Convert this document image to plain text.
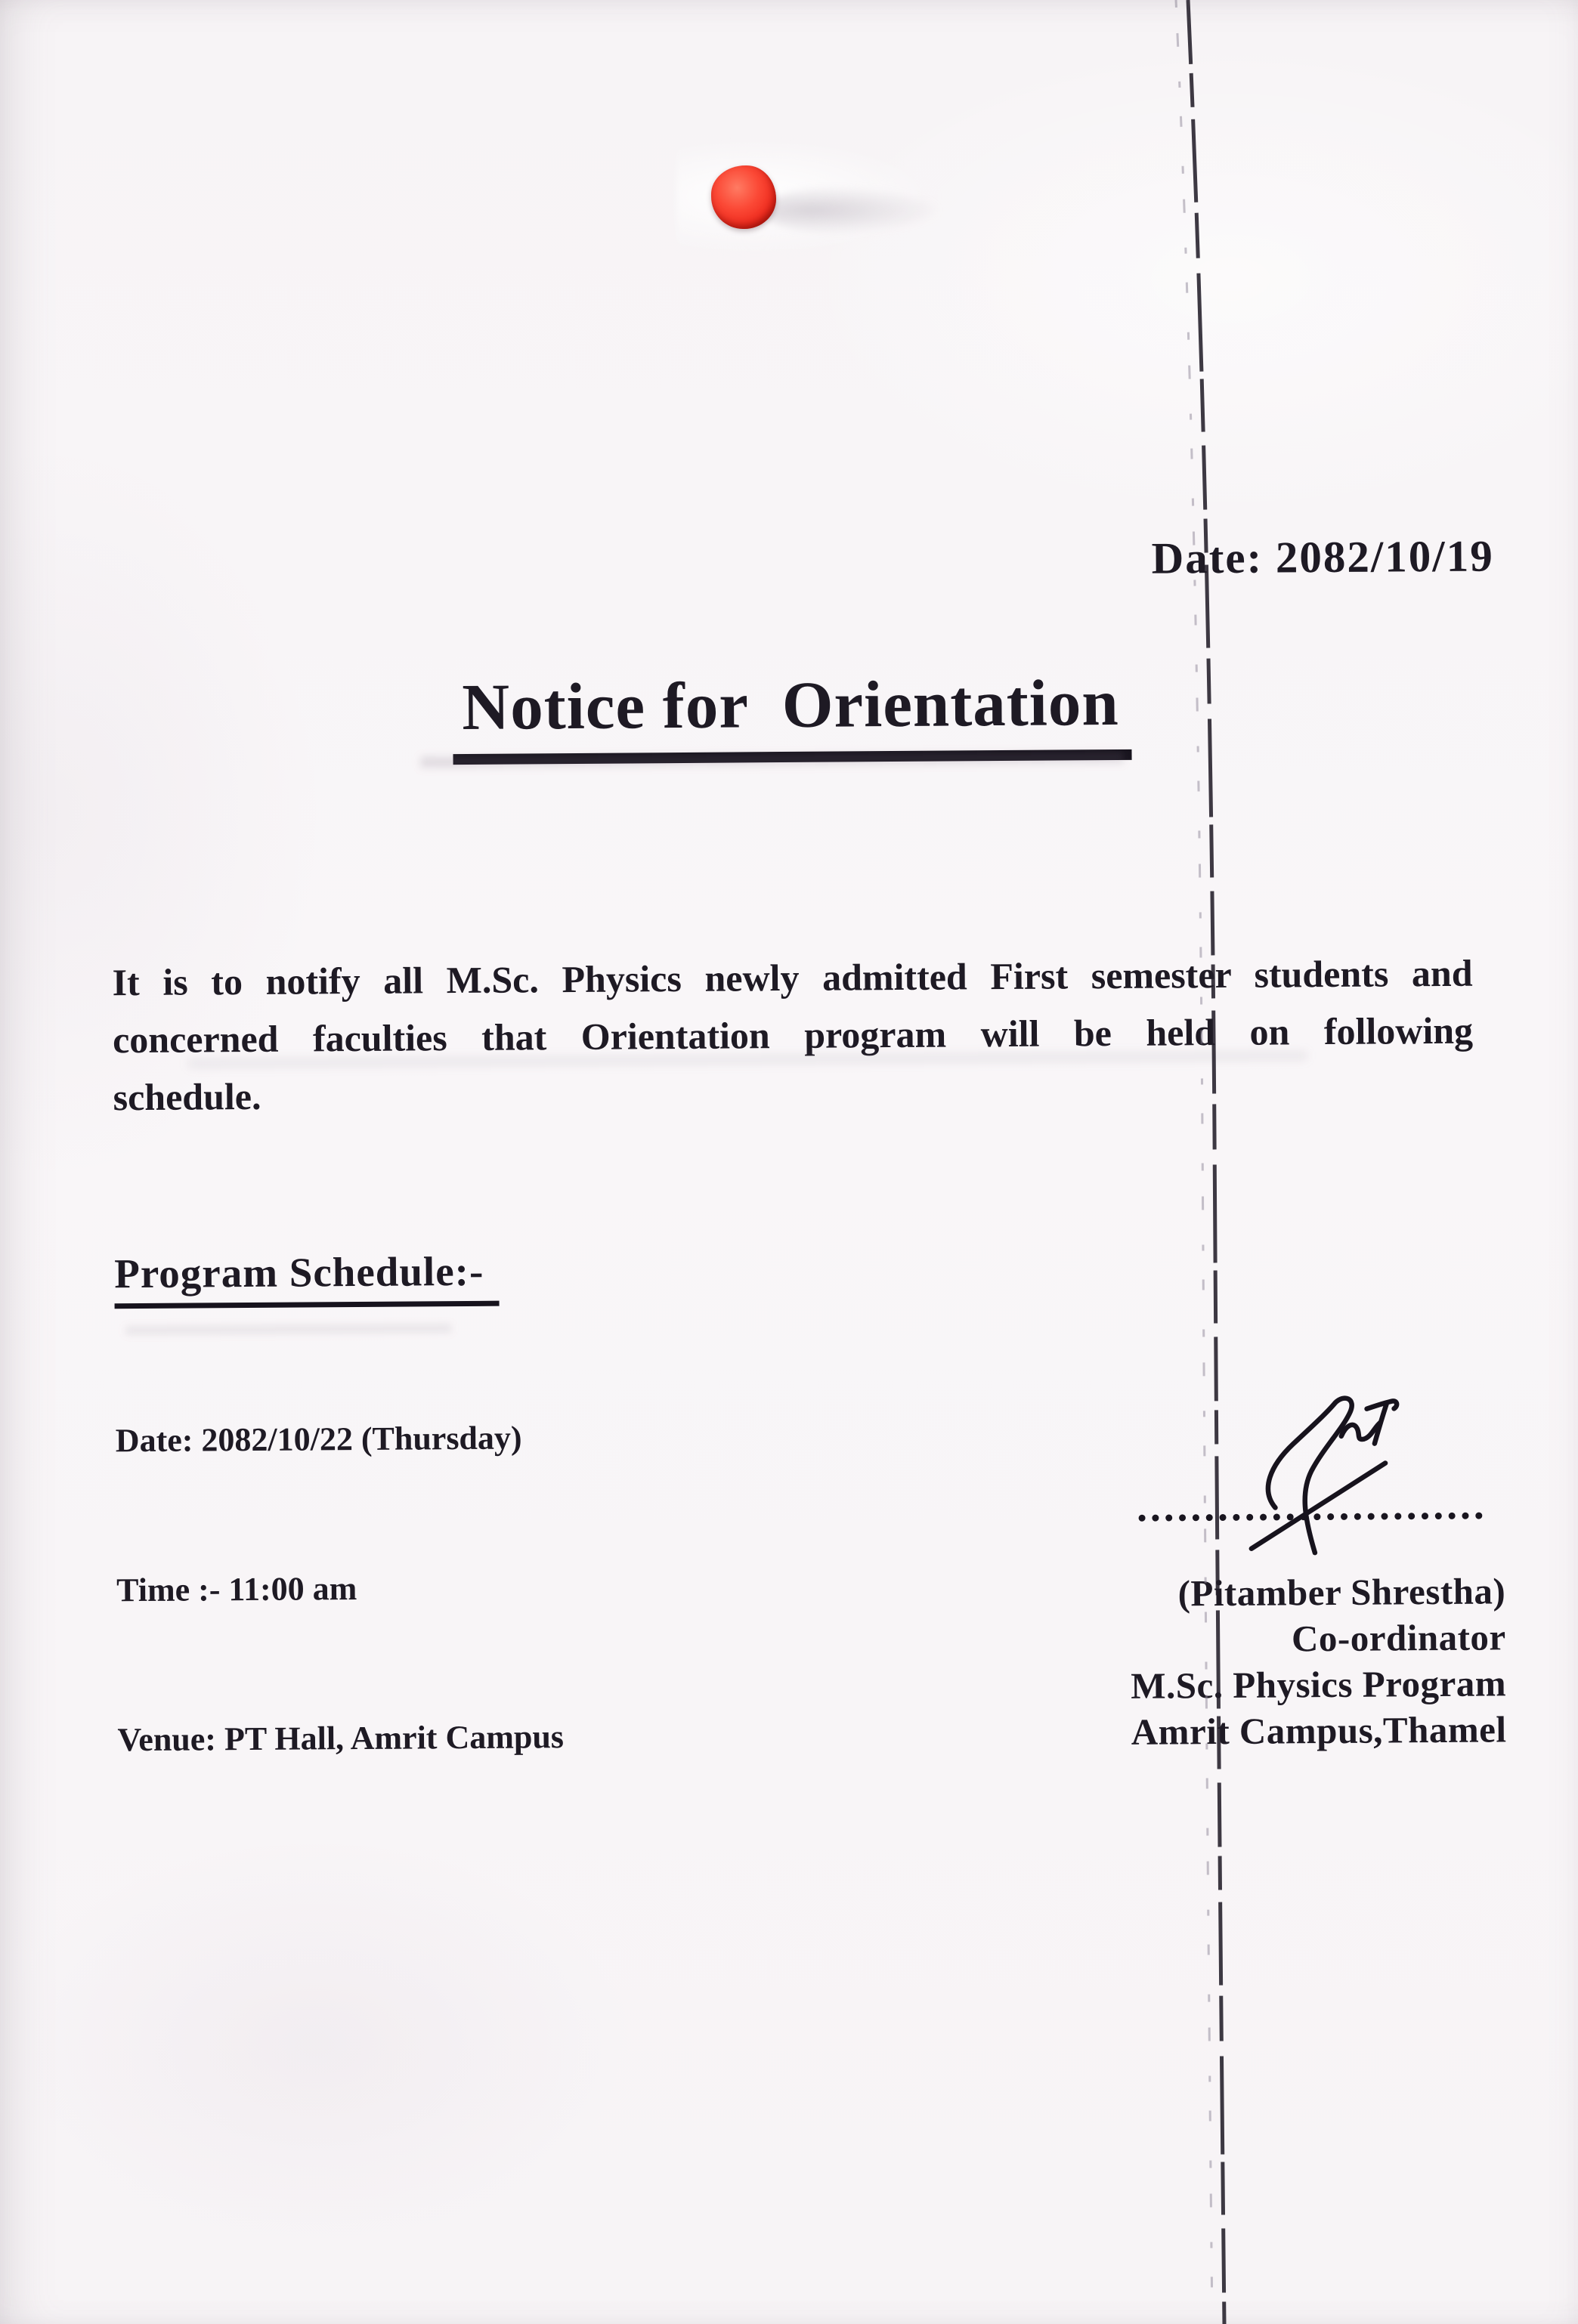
Date: 2082/10/19
Notice for  Orientation
It is to notify all M.Sc. Physics newly admitted First semester students and
concerned faculties that Orientation program will be held on following
schedule.
Program Schedule:-

Date: 2082/10/22 (Thursday)

Time :- 11:00 am

Venue: PT Hall, Amrit Campus

(Pitamber Shrestha)
Co-ordinator
M.Sc. Physics Program
Amrit Campus,Thamel
